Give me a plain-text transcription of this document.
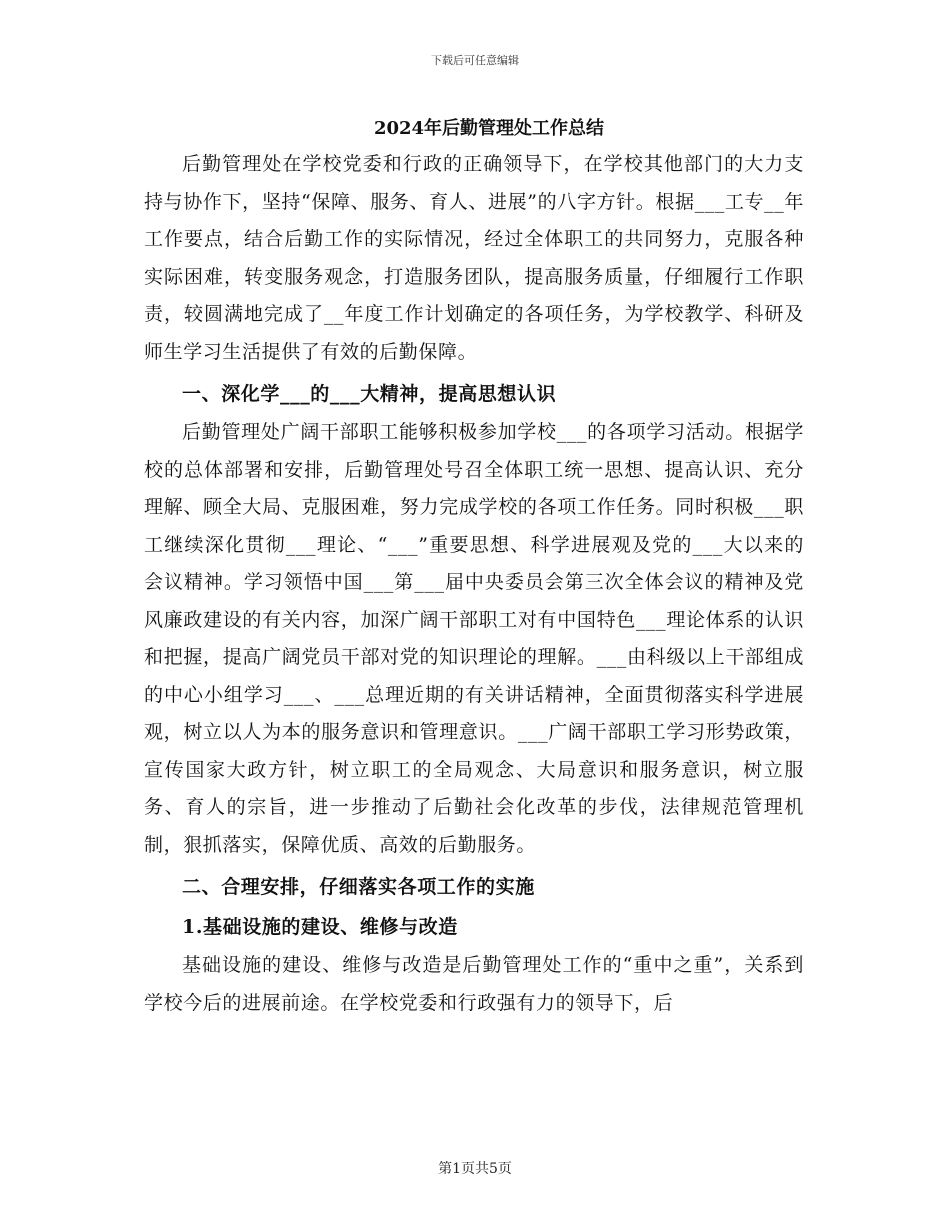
下载后可任意编辑
2024年后勤管理处工作总结

后勤管理处在学校党委和行政的正确领导下，在学校其他部门的大力支持与协作下，坚持“保障、服务、育人、进展”的八字方针。根据___工专__年工作要点，结合后勤工作的实际情况，经过全体职工的共同努力，克服各种实际困难，转变服务观念，打造服务团队，提高服务质量，仔细履行工作职责，较圆满地完成了__年度工作计划确定的各项任务，为学校教学、科研及师生学习生活提供了有效的后勤保障。

一、深化学___的___大精神，提高思想认识

后勤管理处广阔干部职工能够积极参加学校___的各项学习活动。根据学校的总体部署和安排，后勤管理处号召全体职工统一思想、提高认识、充分理解、顾全大局、克服困难，努力完成学校的各项工作任务。同时积极___职工继续深化贯彻___理论、“___”重要思想、科学进展观及党的___大以来的会议精神。学习领悟中国___第___届中央委员会第三次全体会议的精神及党风廉政建设的有关内容，加深广阔干部职工对有中国特色___理论体系的认识和把握，提高广阔党员干部对党的知识理论的理解。___由科级以上干部组成的中心小组学习___、___总理近期的有关讲话精神，全面贯彻落实科学进展观，树立以人为本的服务意识和管理意识。___广阔干部职工学习形势政策，宣传国家大政方针，树立职工的全局观念、大局意识和服务意识，树立服务、育人的宗旨，进一步推动了后勤社会化改革的步伐，法律规范管理机制，狠抓落实，保障优质、高效的后勤服务。

二、合理安排，仔细落实各项工作的实施
1.基础设施的建设、维修与改造

基础设施的建设、维修与改造是后勤管理处工作的“重中之重”，关系到学校今后的进展前途。在学校党委和行政强有力的领导下，后

第1页共5页
